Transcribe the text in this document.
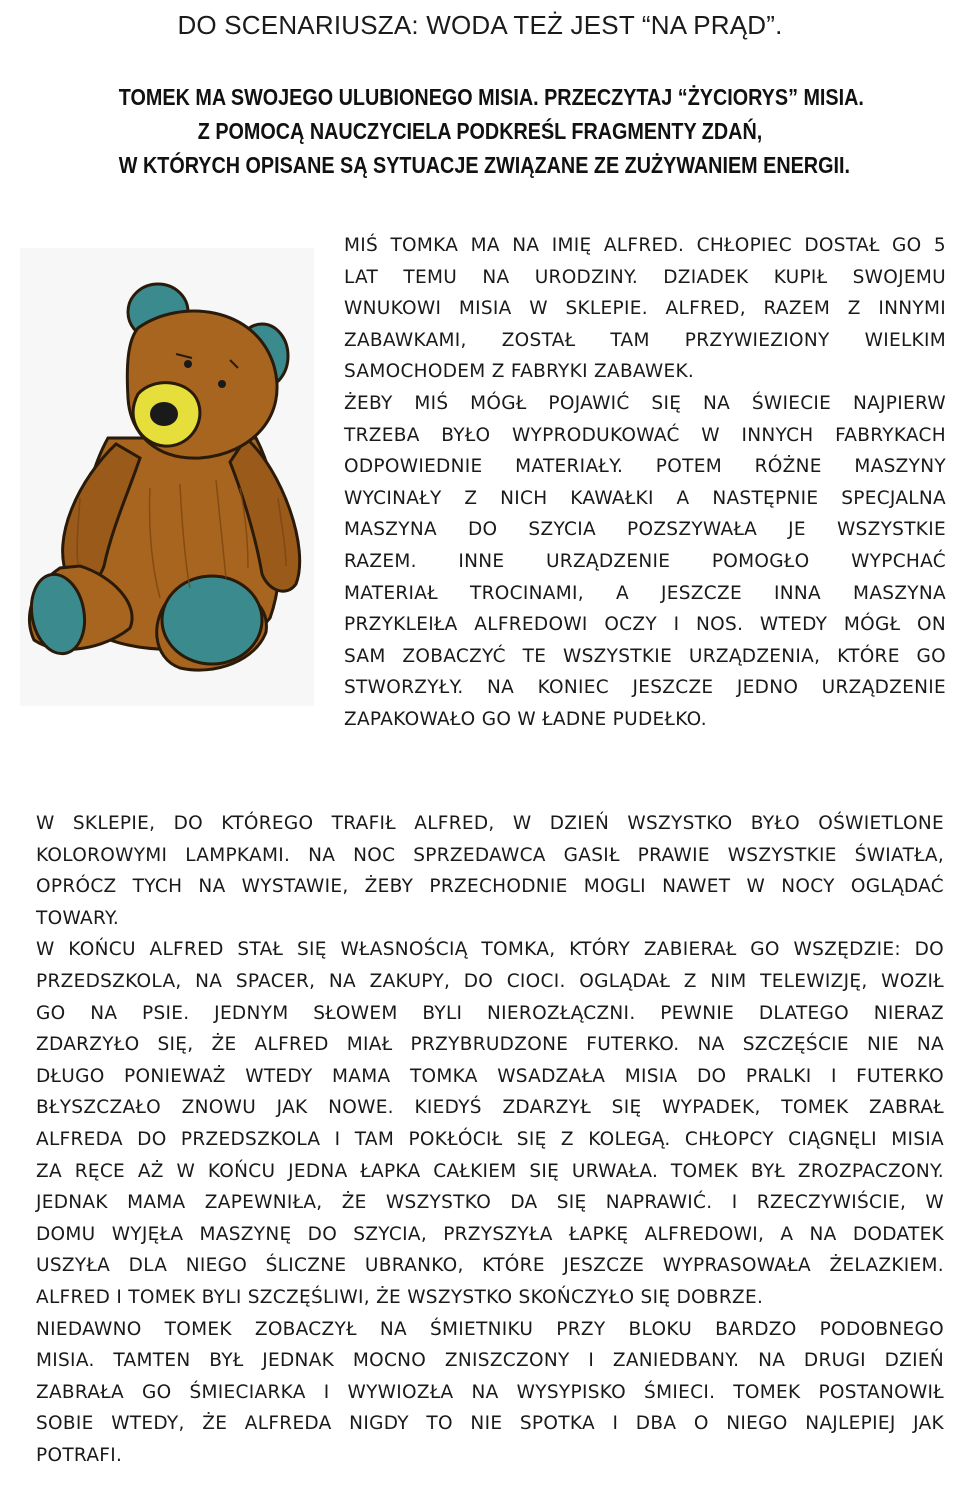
DO SCENARIUSZA: WODA TEŻ JEST “NA PRĄD”.
TOMEK MA SWOJEGO ULUBIONEGO MISIA. PRZECZYTAJ “ŻYCIORYS” MISIA.
Z POMOCĄ NAUCZYCIELA PODKREŚL FRAGMENTY ZDAŃ,
W KTÓRYCH OPISANE SĄ SYTUACJE ZWIĄZANE ZE ZUŻYWANIEM ENERGII.
MIŚ TOMKA MA NA IMIĘ ALFRED. CHŁOPIEC DOSTAŁ GO 5
LAT TEMU NA URODZINY. DZIADEK KUPIŁ SWOJEMU
WNUKOWI MISIA W SKLEPIE. ALFRED, RAZEM Z INNYMI
ZABAWKAMI, ZOSTAŁ TAM PRZYWIEZIONY WIELKIM
SAMOCHODEM Z FABRYKI ZABAWEK.
ŻEBY MIŚ MÓGŁ POJAWIĆ SIĘ NA ŚWIECIE NAJPIERW
TRZEBA BYŁO WYPRODUKOWAĆ W INNYCH FABRYKACH
ODPOWIEDNIE MATERIAŁY. POTEM RÓŻNE MASZYNY
WYCINAŁY Z NICH KAWAŁKI A NASTĘPNIE SPECJALNA
MASZYNA DO SZYCIA POZSZYWAŁA JE WSZYSTKIE
RAZEM. INNE URZĄDZENIE POMOGŁO WYPCHAĆ
MATERIAŁ TROCINAMI, A JESZCZE INNA MASZYNA
PRZYKLEIŁA ALFREDOWI OCZY I NOS. WTEDY MÓGŁ ON
SAM ZOBACZYĆ TE WSZYSTKIE URZĄDZENIA, KTÓRE GO
STWORZYŁY. NA KONIEC JESZCZE JEDNO URZĄDZENIE
ZAPAKOWAŁO GO W ŁADNE PUDEŁKO.
W SKLEPIE, DO KTÓREGO TRAFIŁ ALFRED, W DZIEŃ WSZYSTKO BYŁO OŚWIETLONE
KOLOROWYMI LAMPKAMI. NA NOC SPRZEDAWCA GASIŁ PRAWIE WSZYSTKIE ŚWIATŁA,
OPRÓCZ TYCH NA WYSTAWIE, ŻEBY PRZECHODNIE MOGLI NAWET W NOCY OGLĄDAĆ
TOWARY.
W KOŃCU ALFRED STAŁ SIĘ WŁASNOŚCIĄ TOMKA, KTÓRY ZABIERAŁ GO WSZĘDZIE: DO
PRZEDSZKOLA, NA SPACER, NA ZAKUPY, DO CIOCI. OGLĄDAŁ Z NIM TELEWIZJĘ, WOZIŁ
GO NA PSIE. JEDNYM SŁOWEM BYLI NIEROZŁĄCZNI. PEWNIE DLATEGO NIERAZ
ZDARZYŁO SIĘ, ŻE ALFRED MIAŁ PRZYBRUDZONE FUTERKO. NA SZCZĘŚCIE NIE NA
DŁUGO PONIEWAŻ WTEDY MAMA TOMKA WSADZAŁA MISIA DO PRALKI I FUTERKO
BŁYSZCZAŁO ZNOWU JAK NOWE. KIEDYŚ ZDARZYŁ SIĘ WYPADEK, TOMEK ZABRAŁ
ALFREDA DO PRZEDSZKOLA I TAM POKŁÓCIŁ SIĘ Z KOLEGĄ. CHŁOPCY CIĄGNĘLI MISIA
ZA RĘCE AŻ W KOŃCU JEDNA ŁAPKA CAŁKIEM SIĘ URWAŁA. TOMEK BYŁ ZROZPACZONY.
JEDNAK MAMA ZAPEWNIŁA, ŻE WSZYSTKO DA SIĘ NAPRAWIĆ. I RZECZYWIŚCIE, W
DOMU WYJĘŁA MASZYNĘ DO SZYCIA, PRZYSZYŁA ŁAPKĘ ALFREDOWI, A NA DODATEK
USZYŁA DLA NIEGO ŚLICZNE UBRANKO, KTÓRE JESZCZE WYPRASOWAŁA ŻELAZKIEM.
ALFRED I TOMEK BYLI SZCZĘŚLIWI, ŻE WSZYSTKO SKOŃCZYŁO SIĘ DOBRZE.
NIEDAWNO TOMEK ZOBACZYŁ NA ŚMIETNIKU PRZY BLOKU BARDZO PODOBNEGO
MISIA. TAMTEN BYŁ JEDNAK MOCNO ZNISZCZONY I ZANIEDBANY. NA DRUGI DZIEŃ
ZABRAŁA GO ŚMIECIARKA I WYWIOZŁA NA WYSYPISKO ŚMIECI. TOMEK POSTANOWIŁ
SOBIE WTEDY, ŻE ALFREDA NIGDY TO NIE SPOTKA I DBA O NIEGO NAJLEPIEJ JAK
POTRAFI.
